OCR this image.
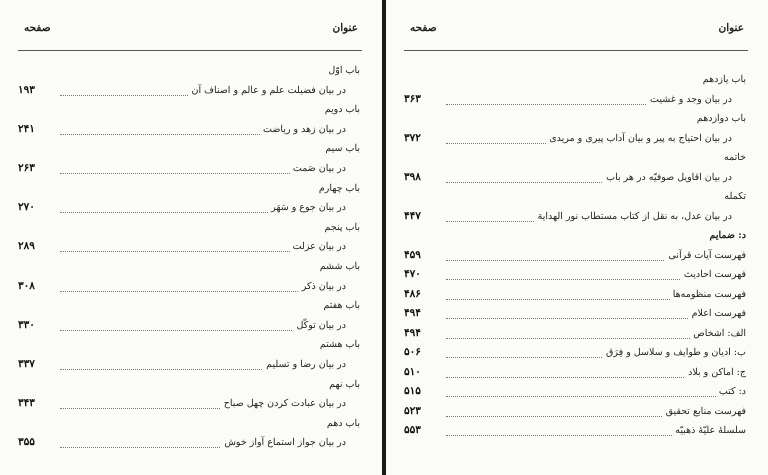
عنوان
صفحه
باب اوّل
در بیان فضیلت علم و عالم و اصناف آن
۱۹۳
باب دویم
در بیان زهد و ریاضت
۲۴۱
باب سیم
در بیان صَمت
۲۶۳
باب چهارم
در بیان جوع و سَهَر
۲۷۰
باب پنجم
در بیان عزلت
۲۸۹
باب ششم
در بیان ذکر
۳۰۸
باب هفتم
در بیان توکّل
۳۳۰
باب هشتم
در بیان رضا و تسلیم
۳۳۷
باب نهم
در بیان عبادت کردن چهل صباح
۳۴۳
باب دهم
در بیان جواز استماع آواز خوش
۳۵۵
عنوان
صفحه
باب یازدهم
در بیان وجد و غشیت
۳۶۳
باب دوازدهم
در بیان احتیاج به پیر و بیان آداب پیری و مریدی
۳۷۲
خاتمه
در بیان اقاویل صوفیّه در هر باب
۳۹۸
تکمله
در بیان عدل، به نقل از کتاب مستطاب نور الهدایة
۴۴۷
د: ضمایم
فهرست آیات قرآنی
۴۵۹
فهرست احادیث
۴۷۰
فهرست منظومه‌ها
۴۸۶
فهرست اعلام
۴۹۴
الف: اشخاص
۴۹۴
ب: ادیان و طوایف و سلاسل و فِرَق
۵۰۶
ج: اماکن و بلاد
۵۱۰
د: کتب
۵۱۵
فهرست منابع تحقیق
۵۲۳
سلسلهٔ علیّهٔ ذهبیّه
۵۵۳
